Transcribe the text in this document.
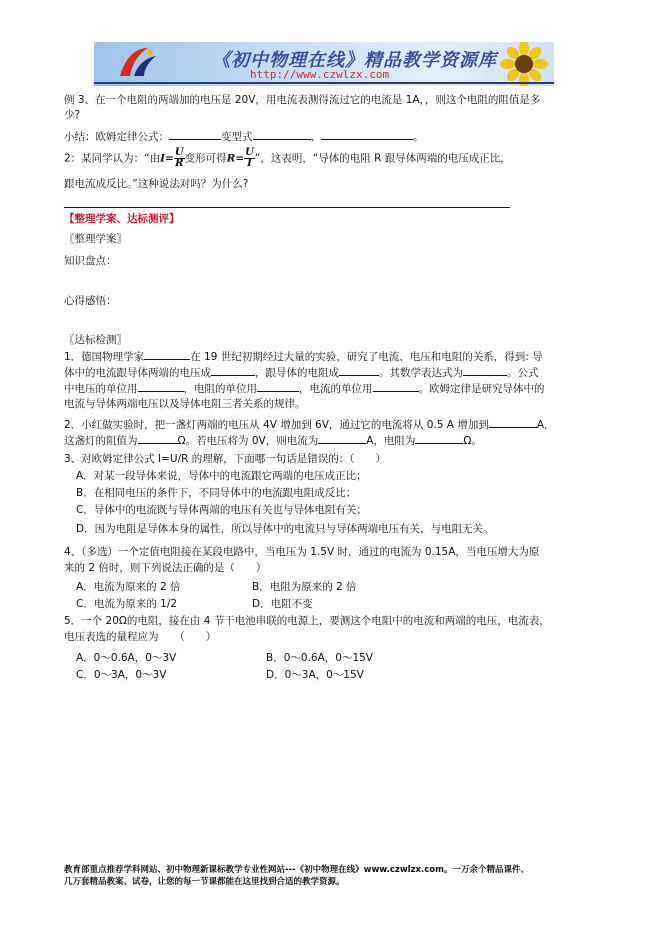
《初中物理在线》精品教学资源库
http://www.czwlzx.com
例 3、在一个电阻的两端加的电压是 20V，用电流表测得流过它的电流是 1A，，则这个电阻的阻值是多
少?
小结：欧姆定律公式：	变型式	、	。
2：某同学认为：“由$I= \frac{U}{R}$ 变形可得$R= \frac{U}{I}$ ”，这表明，“导体的电阻 R 跟导体两端的电压成正比，
跟电流成反比。”这种说法对吗？为什么?
【整理学案、达标测评】
〖整理学案〗
知识盘点：
心得感悟：
〖达标检测〗
1．德国物理学家	在 19 世纪初期经过大量的实验，研究了电流、电压和电阻的关系，得到: 导
体中的电流跟导体两端的电压成	，跟导体的电阻成	。其数学表达式为	。公式
中电压的单位用	，电阻的单位用	，电流的单位用	。欧姆定律是研究导体中的
电流与导体两端电压以及导体电阻三者关系的规律。
2．小红做实验时，把一盏灯两端的电压从 4V 增加到 6V，通过它的电流将从 0.5 A 增加到	A，
这盏灯的阻值为	Ω。若电压将为 0V，则电流为	A，电阻为	Ω。
3、对欧姆定律公式 I=U/R 的理解，下面哪一句话是错误的：（　　）
A．对某一段导体来说，导体中的电流跟它两端的电压成正比；
B．在相同电压的条件下，不同导体中的电流跟电阻成反比；
C．导体中的电流既与导体两端的电压有关也与导体电阻有关；
D．因为电阻是导体本身的属性，所以导体中的电流只与导体两端电压有关，与电阻无关。
4、（多选）一个定值电阻接在某段电路中，当电压为 1.5V 时，通过的电流为 0.15A，当电压增大为原
来的 2 倍时，则下列说法正确的是（　　）
A．电流为原来的 2 倍	B．电阻为原来的 2 倍
C．电流为原来的 1/2	D．电阻不变
5．一个 20Ω的电阻，接在由 4 节干电池串联的电源上，要测这个电阻中的电流和两端的电压，电流表，
电压表选的量程应为　　（　　）
A．0～0.6A，0～3V	B．0～0.6A，0～15V
C．0～3A，0～3V	D．0～3A，0～15V
教育部重点推荐学科网站、初中物理新课标教学专业性网站---《初中物理在线》www.czwlzx.com。一万余个精品课件、
几万套精品教案、试卷，让您的每一节课都能在这里找到合适的教学资源。
